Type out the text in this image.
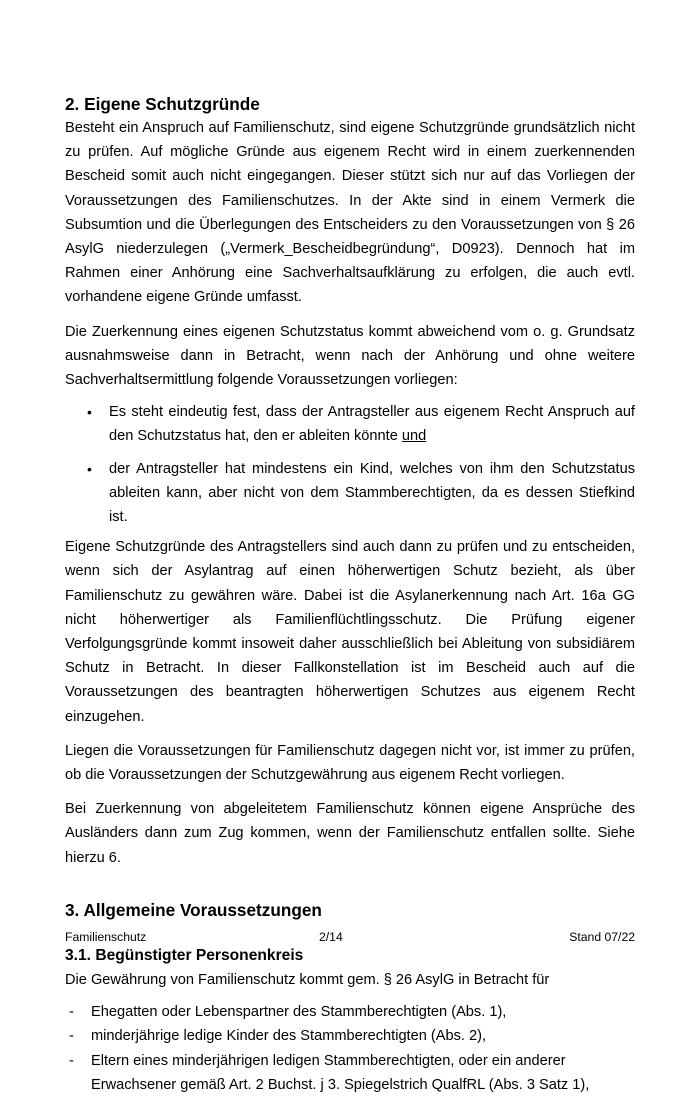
2. Eigene Schutzgründe

Besteht ein Anspruch auf Familienschutz, sind eigene Schutzgründe grundsätzlich nicht zu prüfen. Auf mögliche Gründe aus eigenem Recht wird in einem zuerkennenden Bescheid somit auch nicht eingegangen. Dieser stützt sich nur auf das Vorliegen der Voraussetzungen des Familienschutzes. In der Akte sind in einem Vermerk die Subsumtion und die Überlegungen des Entscheiders zu den Voraussetzungen von § 26 AsylG niederzulegen („Vermerk_Bescheidbegründung“, D0923). Dennoch hat im Rahmen einer Anhörung eine Sachverhaltsaufklärung zu erfolgen, die auch evtl. vorhandene eigene Gründe umfasst.

Die Zuerkennung eines eigenen Schutzstatus kommt abweichend vom o. g. Grundsatz ausnahmsweise dann in Betracht, wenn nach der Anhörung und ohne weitere Sachverhaltsermittlung folgende Voraussetzungen vorliegen:

• Es steht eindeutig fest, dass der Antragsteller aus eigenem Recht Anspruch auf den Schutzstatus hat, den er ableiten könnte und
• der Antragsteller hat mindestens ein Kind, welches von ihm den Schutzstatus ableiten kann, aber nicht von dem Stammberechtigten, da es dessen Stiefkind ist.

Eigene Schutzgründe des Antragstellers sind auch dann zu prüfen und zu entscheiden, wenn sich der Asylantrag auf einen höherwertigen Schutz bezieht, als über Familienschutz zu gewähren wäre. Dabei ist die Asylanerkennung nach Art. 16a GG nicht höherwertiger als Familienflüchtlingsschutz. Die Prüfung eigener Verfolgungsgründe kommt insoweit daher ausschließlich bei Ableitung von subsidiärem Schutz in Betracht. In dieser Fallkonstellation ist im Bescheid auch auf die Voraussetzungen des beantragten höherwertigen Schutzes aus eigenem Recht einzugehen.

Liegen die Voraussetzungen für Familienschutz dagegen nicht vor, ist immer zu prüfen, ob die Voraussetzungen der Schutzgewährung aus eigenem Recht vorliegen.

Bei Zuerkennung von abgeleitetem Familienschutz können eigene Ansprüche des Ausländers dann zum Zug kommen, wenn der Familienschutz entfallen sollte. Siehe hierzu 6.

3. Allgemeine Voraussetzungen
3.1. Begünstigter Personenkreis

Die Gewährung von Familienschutz kommt gem. § 26 AsylG in Betracht für

- Ehegatten oder Lebenspartner des Stammberechtigten (Abs. 1),
- minderjährige ledige Kinder des Stammberechtigten (Abs. 2),
- Eltern eines minderjährigen ledigen Stammberechtigten, oder ein anderer Erwachsener gemäß Art. 2 Buchst. j 3. Spiegelstrich QualfRL (Abs. 3 Satz 1),
Familienschutz	2/14	Stand 07/22
